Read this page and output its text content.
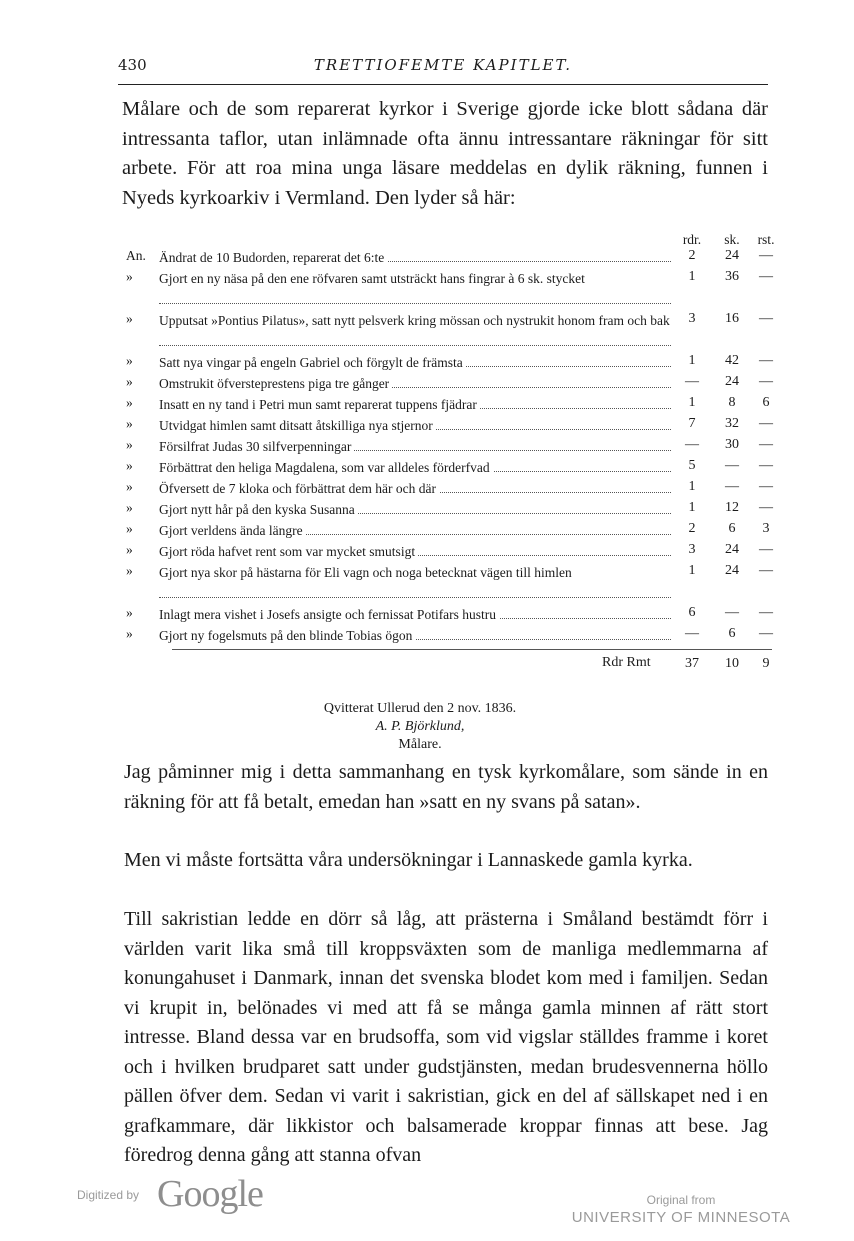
430	TRETTIOFEMTE KAPITLET.

Målare och de som reparerat kyrkor i Sverige gjorde icke blott sådana där intressanta taflor, utan inlämnade ofta ännu intressantare räkningar för sitt arbete. För att roa mina unga läsare meddelas en dylik räkning, funnen i Nyeds kyrkoarkiv i Vermland. Den lyder så här:

rdr.	sk.	rst.
An. Ändrat de 10 Budorden, reparerat det 6:te	2	24	—
»	Gjort en ny näsa på den ene röfvaren samt utsträckt hans fingrar à 6 sk. stycket	1	36	—
»	Upputsat »Pontius Pilatus», satt nytt pelsverk kring mössan och nystrukit honom fram och bak	3	16	—
»	Satt nya vingar på engeln Gabriel och förgylt de främsta	1	42	—
»	Omstrukit öfversteprestens piga tre gånger	—	24	—
»	Insatt en ny tand i Petri mun samt reparerat tuppens fjädrar	1	8	6
»	Utvidgat himlen samt ditsatt åtskilliga nya stjernor	7	32	—
»	Försilfrat Judas 30 silfverpenningar	—	30	—
»	Förbättrat den heliga Magdalena, som var alldeles förderfvad	5	—	—
»	Öfversett de 7 kloka och förbättrat dem här och där	1	—	—
»	Gjort nytt hår på den kyska Susanna	1	12	—
»	Gjort verldens ända längre	2	6	3
»	Gjort röda hafvet rent som var mycket smutsigt	3	24	—
»	Gjort nya skor på hästarna för Eli vagn och noga betecknat vägen till himlen	1	24	—
»	Inlagt mera vishet i Josefs ansigte och fernissat Potifars hustru	6	—	—
»	Gjort ny fogelsmuts på den blinde Tobias ögon	—	6	—
Rdr Rmt	37	10	9
Qvitterat Ullerud den 2 nov. 1836.
A. P. Björklund,
Målare.

Jag påminner mig i detta sammanhang en tysk kyrkomålare, som sände in en räkning för att få betalt, emedan han »satt en ny svans på satan».

Men vi måste fortsätta våra undersökningar i Lannaskede gamla kyrka.

Till sakristian ledde en dörr så låg, att prästerna i Småland bestämdt förr i världen varit lika små till kroppsväxten som de manliga medlemmarna af konungahuset i Danmark, innan det svenska blodet kom med i familjen. Sedan vi krupit in, belönades vi med att få se många gamla minnen af rätt stort intresse. Bland dessa var en brudsoffa, som vid vigslar ställdes framme i koret och i hvilken brudparet satt under gudstjänsten, medan brudesvennerna höllo pällen öfver dem. Sedan vi varit i sakristian, gick en del af sällskapet ned i en grafkammare, där likkistor och balsamerade kroppar finnas att bese. Jag föredrog denna gång att stanna ofvan

Digitized by Google	Original from
UNIVERSITY OF MINNESOTA
